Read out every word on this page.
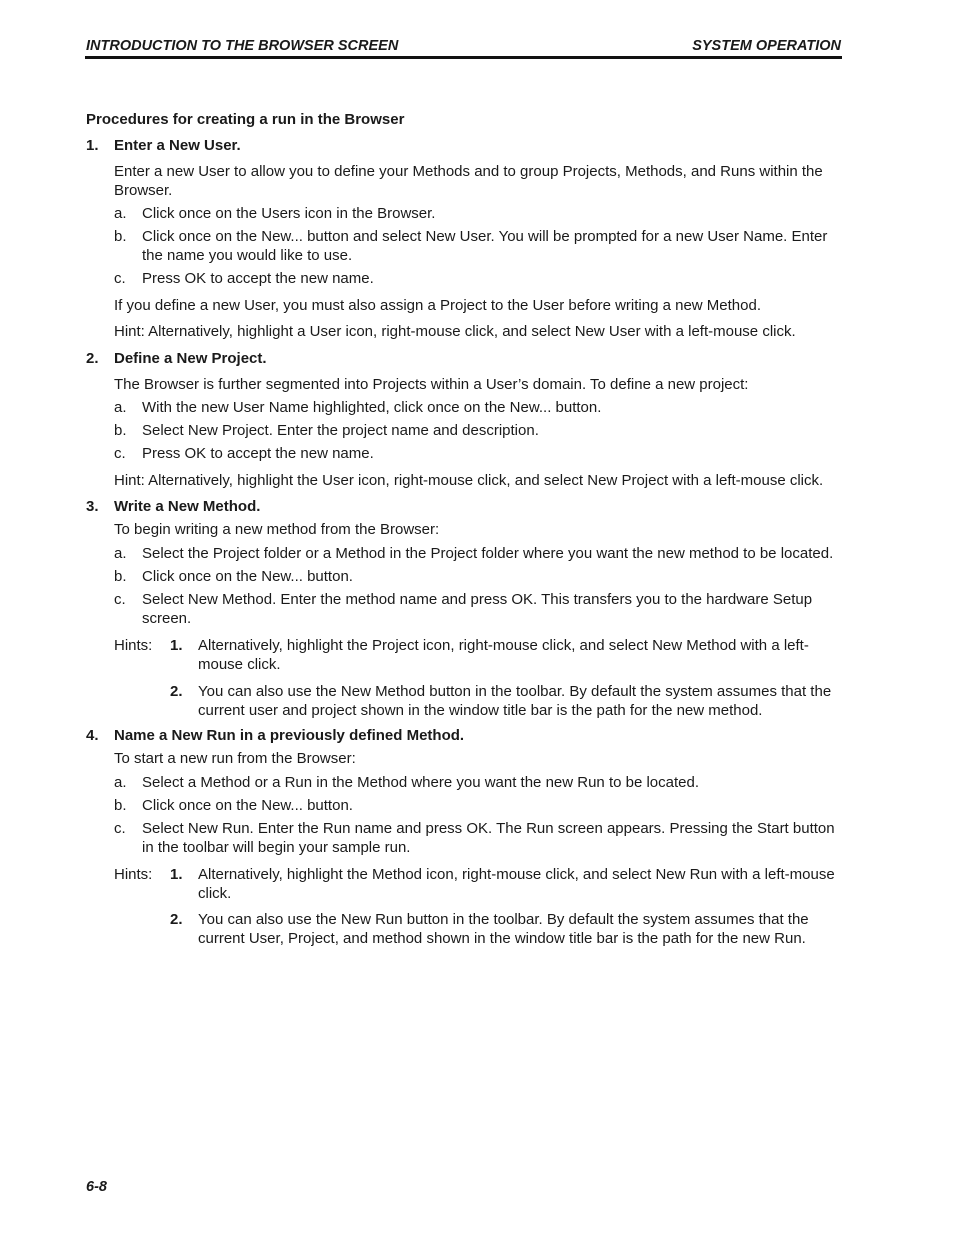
INTRODUCTION TO THE BROWSER SCREEN	SYSTEM OPERATION
Procedures for creating a run in the Browser
1. Enter a New User.
Enter a new User to allow you to define your Methods and to group Projects, Methods, and Runs within the Browser.
a. Click once on the Users icon in the Browser.
b. Click once on the New... button and select New User. You will be prompted for a new User Name. Enter the name you would like to use.
c. Press OK to accept the new name.
If you define a new User, you must also assign a Project to the User before writing a new Method.
Hint: Alternatively, highlight a User icon, right-mouse click, and select New User with a left-mouse click.
2. Define a New Project.
The Browser is further segmented into Projects within a User’s domain. To define a new project:
a. With the new User Name highlighted, click once on the New... button.
b. Select New Project. Enter the project name and description.
c. Press OK to accept the new name.
Hint: Alternatively, highlight the User icon, right-mouse click, and select New Project with a left-mouse click.
3. Write a New Method.
To begin writing a new method from the Browser:
a. Select the Project folder or a Method in the Project folder where you want the new method to be located.
b. Click once on the New... button.
c. Select New Method. Enter the method name and press OK. This transfers you to the hardware Setup screen.
Hints: 1. Alternatively, highlight the Project icon, right-mouse click, and select New Method with a left-mouse click.
2. You can also use the New Method button in the toolbar. By default the system assumes that the current user and project shown in the window title bar is the path for the new method.
4. Name a New Run in a previously defined Method.
To start a new run from the Browser:
a. Select a Method or a Run in the Method where you want the new Run to be located.
b. Click once on the New... button.
c. Select New Run. Enter the Run name and press OK. The Run screen appears. Pressing the Start button in the toolbar will begin your sample run.
Hints: 1. Alternatively, highlight the Method icon, right-mouse click, and select New Run with a left-mouse click.
2. You can also use the New Run button in the toolbar. By default the system assumes that the current User, Project, and method shown in the window title bar is the path for the new Run.
6-8
